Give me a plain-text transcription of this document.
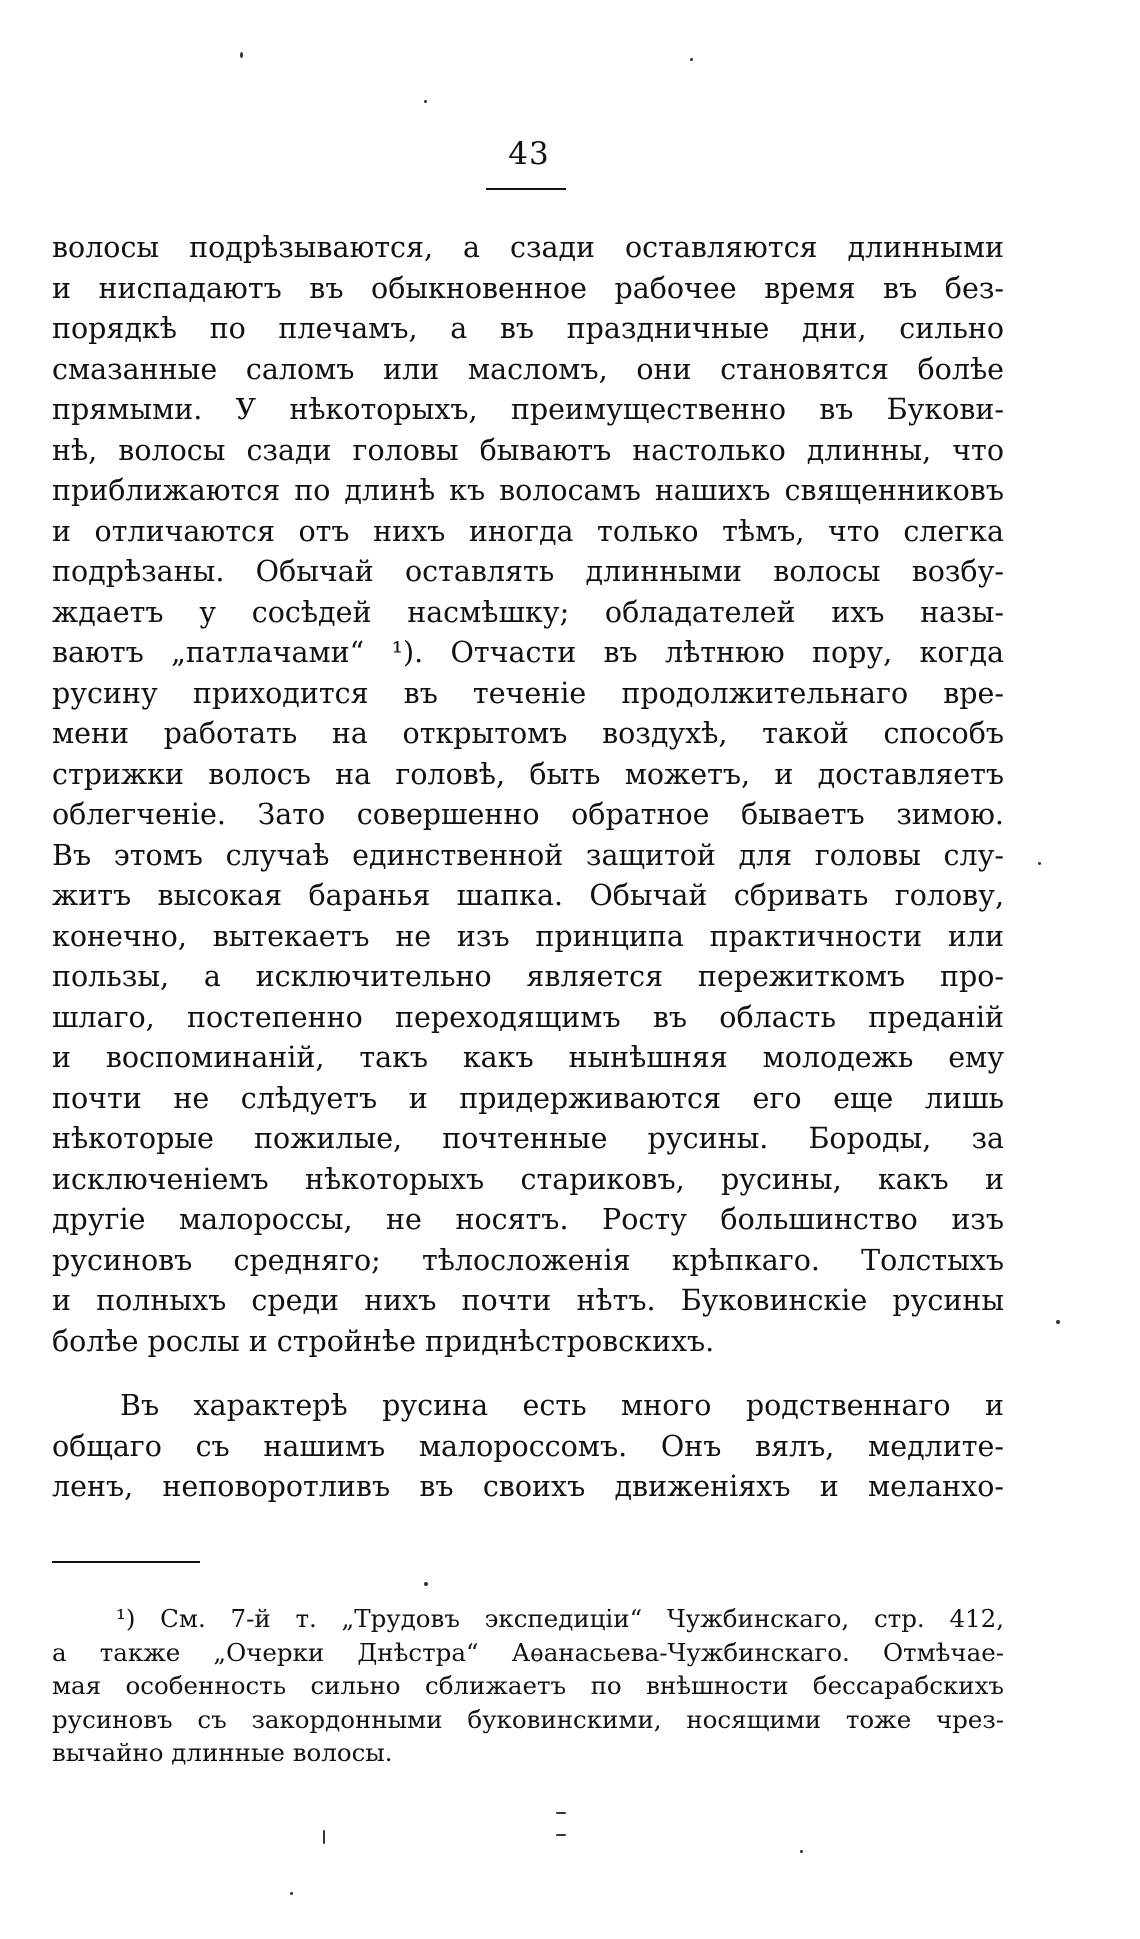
43
волосы подрѣзываются, а сзади оставляются длинными
и ниспадаютъ въ обыкновенное рабочее время въ без-
порядкѣ по плечамъ, а въ праздничные дни, сильно
смазанные саломъ или масломъ, они становятся болѣе
прямыми. У нѣкоторыхъ, преимущественно въ Букови-
нѣ, волосы сзади головы бываютъ настолько длинны, что
приближаются по длинѣ къ волосамъ нашихъ священниковъ
и отличаются отъ нихъ иногда только тѣмъ, что слегка
подрѣзаны. Обычай оставлять длинными волосы возбу-
ждаетъ у сосѣдей насмѣшку; обладателей ихъ назы-
ваютъ „патлачами“ ¹). Отчасти въ лѣтнюю пору, когда
русину приходится въ теченіе продолжительнаго вре-
мени работать на открытомъ воздухѣ, такой способъ
стрижки волосъ на головѣ, быть можетъ, и доставляетъ
облегченіе. Зато совершенно обратное бываетъ зимою.
Въ этомъ случаѣ единственной защитой для головы слу-
житъ высокая баранья шапка. Обычай сбривать голову,
конечно, вытекаетъ не изъ принципа практичности или
пользы, а исключительно является пережиткомъ про-
шлаго, постепенно переходящимъ въ область преданій
и воспоминаній, такъ какъ нынѣшняя молодежь ему
почти не слѣдуетъ и придерживаются его еще лишь
нѣкоторые пожилые, почтенные русины. Бороды, за
исключеніемъ нѣкоторыхъ стариковъ, русины, какъ и
другіе малороссы, не носятъ. Росту большинство изъ
русиновъ средняго; тѣлосложенія крѣпкаго. Толстыхъ
и полныхъ среди нихъ почти нѣтъ. Буковинскіе русины
болѣе рослы и стройнѣе приднѣстровскихъ.
Въ характерѣ русина есть много родственнаго и
общаго съ нашимъ малороссомъ. Онъ вялъ, медлите-
ленъ, неповоротливъ въ своихъ движеніяхъ и меланхо-
¹) См. 7-й т. „Трудовъ экспедиціи“ Чужбинскаго, стр. 412,
а также „Очерки Днѣстра“ Аѳанасьева-Чужбинскаго. Отмѣчае-
мая особенность сильно сближаетъ по внѣшности бессарабскихъ
русиновъ съ закордонными буковинскими, носящими тоже чрез-
вычайно длинные волосы.
